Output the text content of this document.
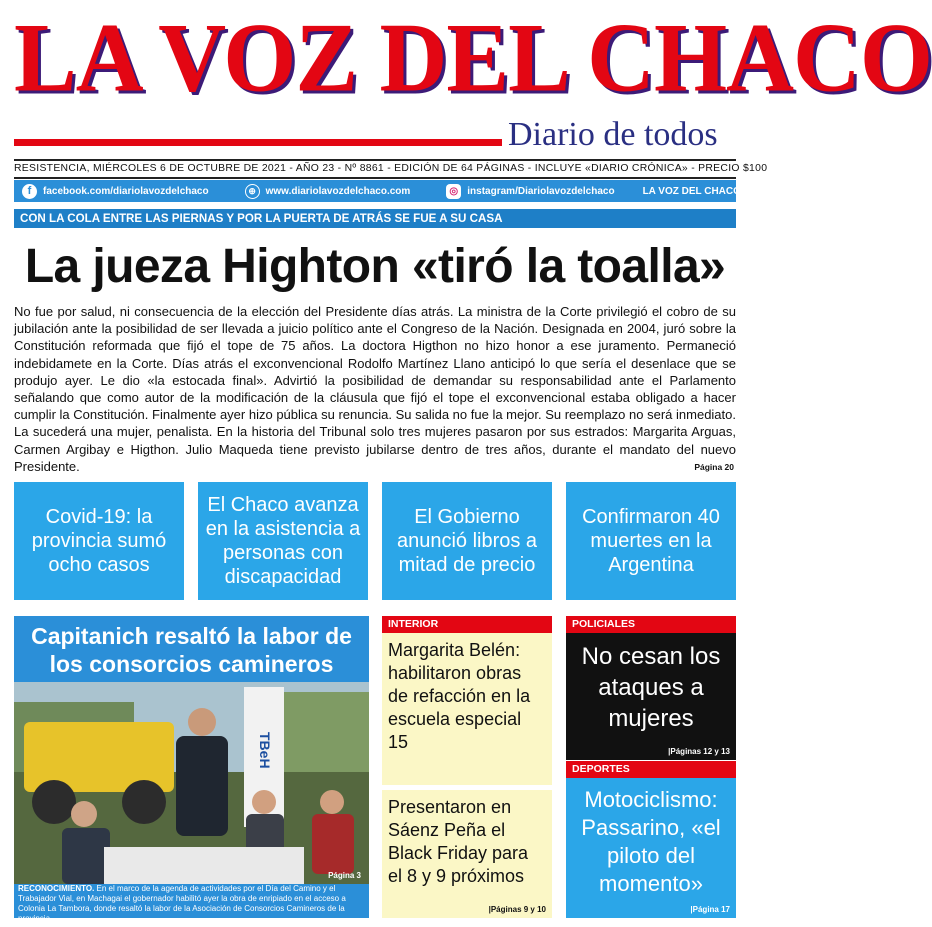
LA VOZ DEL CHACO
Diario de todos
RESISTENCIA, MIÉRCOLES 6 DE OCTUBRE DE 2021 - AÑO 23 - Nº 8861 - EDICIÓN DE 64 PÁGINAS - INCLUYE «DIARIO CRÓNICA» - PRECIO $100
f	facebook.com/diariolavozdelchaco	⊕ www.diariolavozdelchaco.com	◎ instagram/Diariolavozdelchaco	LA VOZ DEL CHACO TV
CON LA COLA ENTRE LAS PIERNAS Y POR LA PUERTA DE ATRÁS SE FUE A SU CASA
La jueza Highton «tiró la toalla»
No fue por salud, ni consecuencia de la elección del Presidente días atrás. La ministra de la Corte privilegió el cobro de su jubilación ante la posibilidad de ser llevada a juicio político ante el Congreso de la Nación. Designada en 2004, juró sobre la Constitución reformada que fijó el tope de 75 años. La doctora Higthon no hizo honor a ese juramento. Permaneció indebidamete en la Corte. Días atrás el exconvencional Rodolfo Martínez Llano anticipó lo que sería el desenlace que se produjo ayer. Le dio «la estocada final». Advirtió la posibilidad de demandar su responsabilidad ante el Parlamento señalando que como autor de la modificación de la cláusula que fijó el tope el exconvencional estaba obligado a hacer cumplir la Constitución. Finalmente ayer hizo pública su renuncia. Su salida no fue la mejor. Su reemplazo no será inmediato. La sucederá una mujer, penalista. En la historia del Tribunal solo tres mujeres pasaron por sus estrados: Margarita Arguas, Carmen Argibay e Higthon. Julio Maqueda tiene previsto jubilarse dentro de tres años, durante el mandato del nuevo Presidente.	Página 20
Covid-19: la provincia sumó ocho casos
El Chaco avanza en la asistencia a personas con discapacidad
El Gobierno anunció libros a mitad de precio
Confirmaron 40 muertes en la Argentina
Capitanich resaltó la labor de los consorcios camineros
TBeH
Página 3
RECONOCIMIENTO. En el marco de la agenda de actividades por el Día del Camino y el Trabajador Vial, en Machagai el gobernador habilitó ayer la obra de enripiado en el acceso a Colonia La Tambora, donde resaltó la labor de la Asociación de Consorcios Camineros de la provincia.
INTERIOR
Margarita Belén: habilitaron obras de refacción en la escuela especial 15
Presentaron en Sáenz Peña el Black Friday para el 8 y 9 próximos
|Páginas 9 y 10
POLICIALES
No cesan los ataques a mujeres
|Páginas 12 y 13
DEPORTES
Motociclismo: Passarino, «el piloto del momento»
|Página 17
